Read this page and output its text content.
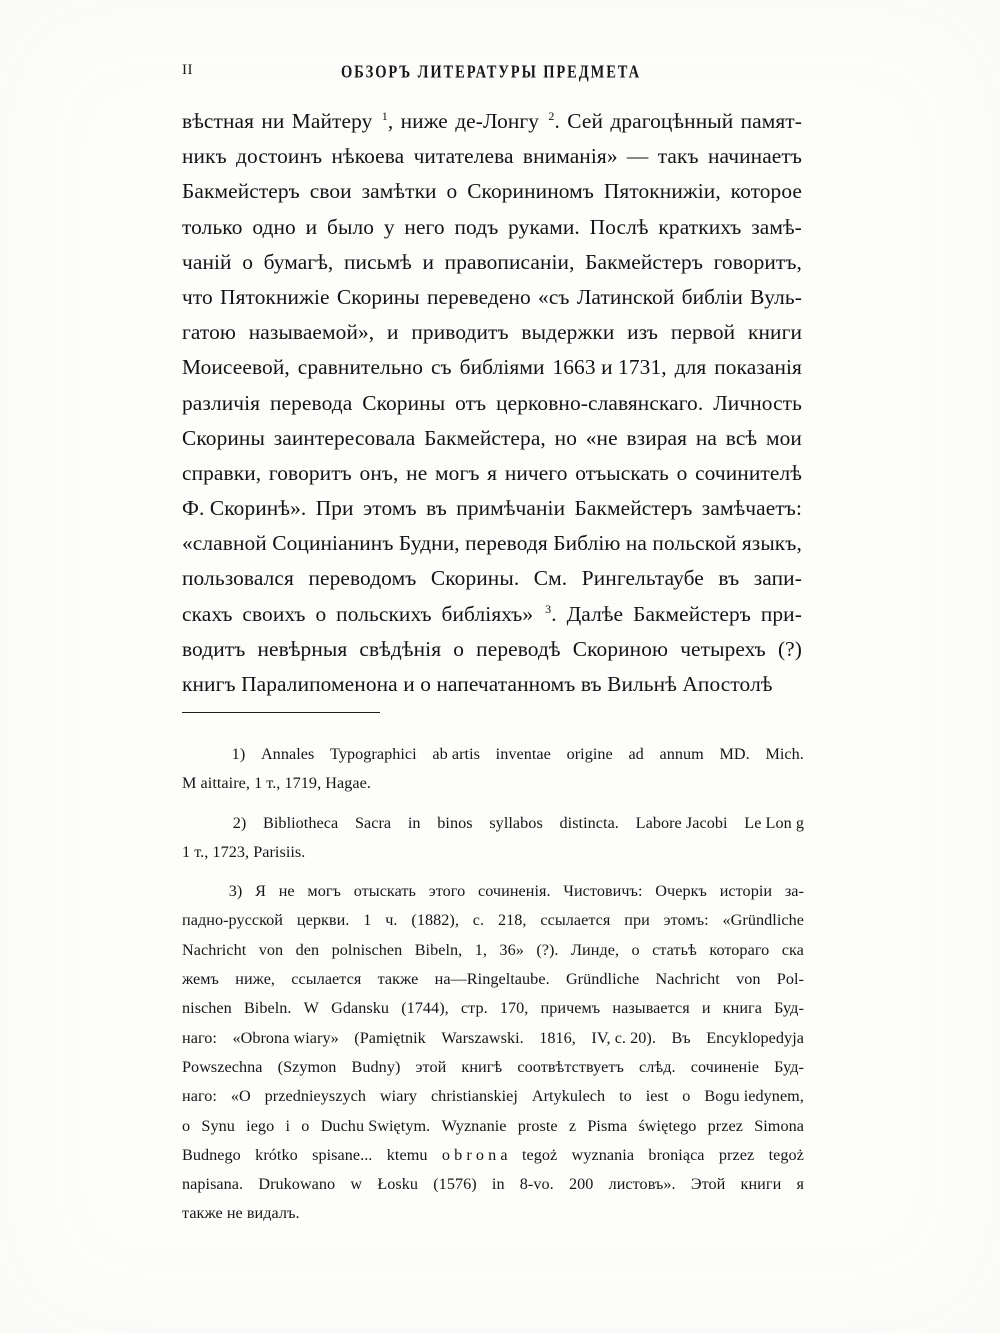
II	ОБЗОРЪ ЛИТЕРАТУРЫ ПРЕДМЕТА
вѣстная ни Майтеру $^1$, ниже де-Лонгу $^2$. Сей драгоцѣнный памят-
никъ достоинъ нѣкоева читателева вниманія» — такъ начинаетъ
Бакмейстеръ свои замѣтки о Скорининомъ Пятокнижіи, которое
только одно и было у него подъ руками. Послѣ краткихъ замѣ-
чаній о бумагѣ, письмѣ и правописаніи, Бакмейстеръ говоритъ,
что Пятокнижіе Скорины переведено «съ Латинской библіи Вуль-
гатою называемой», и приводитъ выдержки изъ первой книги
Моисеевой, сравнительно съ библіями 1663 и 1731, для показанія
различія перевода Скорины отъ церковно-славянскаго. Личность
Скорины заинтересовала Бакмейстера, но «не взирая на всѣ мои
справки, говоритъ онъ, не могъ я ничего отъыскать о сочинителѣ
Ф. Скоринѣ». При этомъ въ примѣчаніи Бакмейстеръ замѣчаетъ:
«славной Социніанинъ Будни, переводя Библію на польской языкъ,
пользовался переводомъ Скорины. См. Рингельтаубе въ запи-
скахъ своихъ о польскихъ библіяхъ» $^3$. Далѣе Бакмейстеръ при-
водитъ невѣрныя свѣдѣнія о переводѣ Скориною четырехъ (?)
книгъ Паралипоменона и о напечатанномъ въ Вильнѣ Апостолѣ
1) Annales Typographici ab artis inventae origine ad annum MD. Mich.
M aittaire, 1 т., 1719, Hagae.
2) Bibliotheca Sacra in binos syllabos distincta. Labore Jacobi Le Lon g
1 т., 1723, Parisiis.
3) Я не могъ отыскать этого сочиненія. Чистовичъ: Очеркъ исторіи за-
падно-русской церкви. 1 ч. (1882), с. 218, ссылается при этомъ: «Gründliche
Nachricht von den polnischen Bibeln, 1, 36» (?). Линде, о статьѣ котораго ска
жемъ ниже, ссылается также на—Ringeltaube. Gründliche Nachricht von Pol-
nischen Bibeln. W Gdansku (1744), стр. 170, причемъ называется и книга Буд-
наго: «Obrona wiary» (Pamiętnik Warszawski. 1816, IV, c. 20). Въ Encyklopedyja
Powszechna (Szymon Budny) этой книгѣ соотвѣтствуетъ слѣд. сочиненіе Буд-
наго: «O przednieyszych wiary christianskiej Artykulech to iest o Bogu iedynem,
o Synu iego i o Duchu Swiętym. Wyznanie proste z Pisma świętego przez Simona
Budnego krótko spisane... ktemu o b r o n a tegoż wyznania broniąca przez tegoż
napisana. Drukowano w Łosku (1576) in 8-vo. 200 листовъ». Этой книги я
также не видалъ.
